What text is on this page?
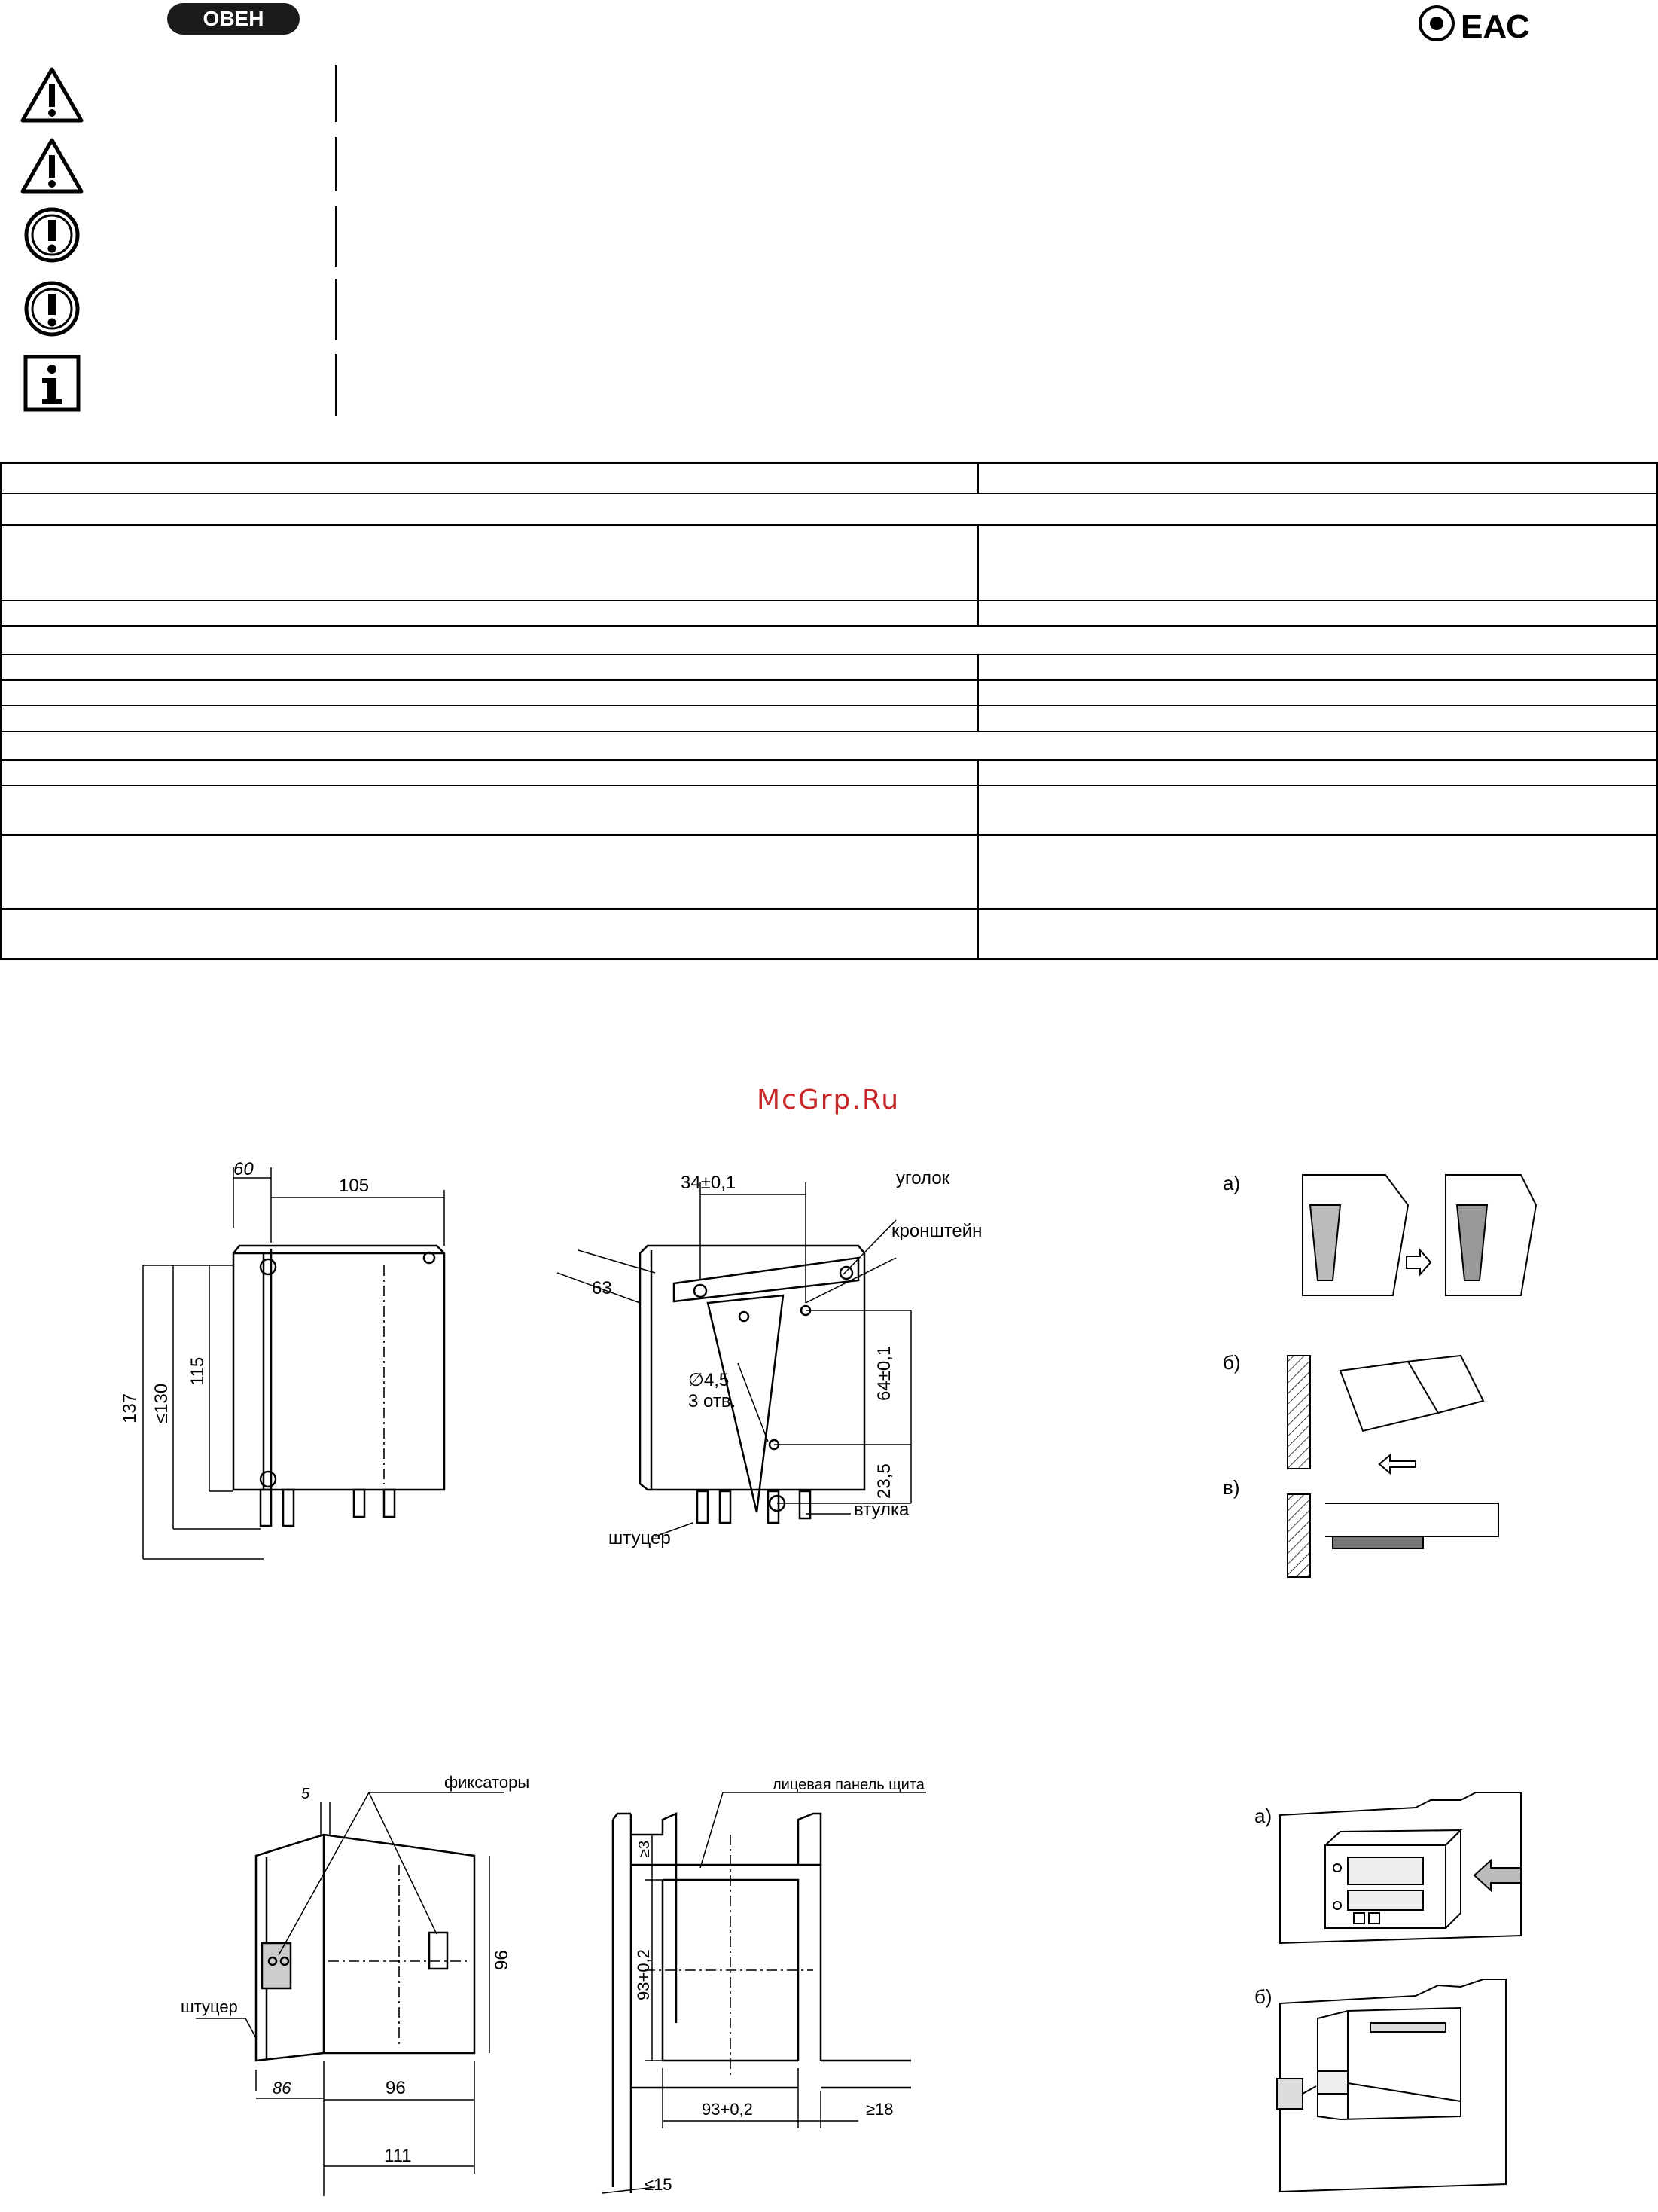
ОВЕН	ЕАС

McGrp.Ru
60
105
137 ≤130
115
34±0,1
63
64±0,1
23,5
∅4,5
3 отв.
уголок
кронштейн
штуцер
втулка
а)
б)
в)
фиксаторы
штуцер
5
96
96
86
111
лицевая панель щита
≥3
93+0,2
93+0,2	≥18
≤15
а)
б)
